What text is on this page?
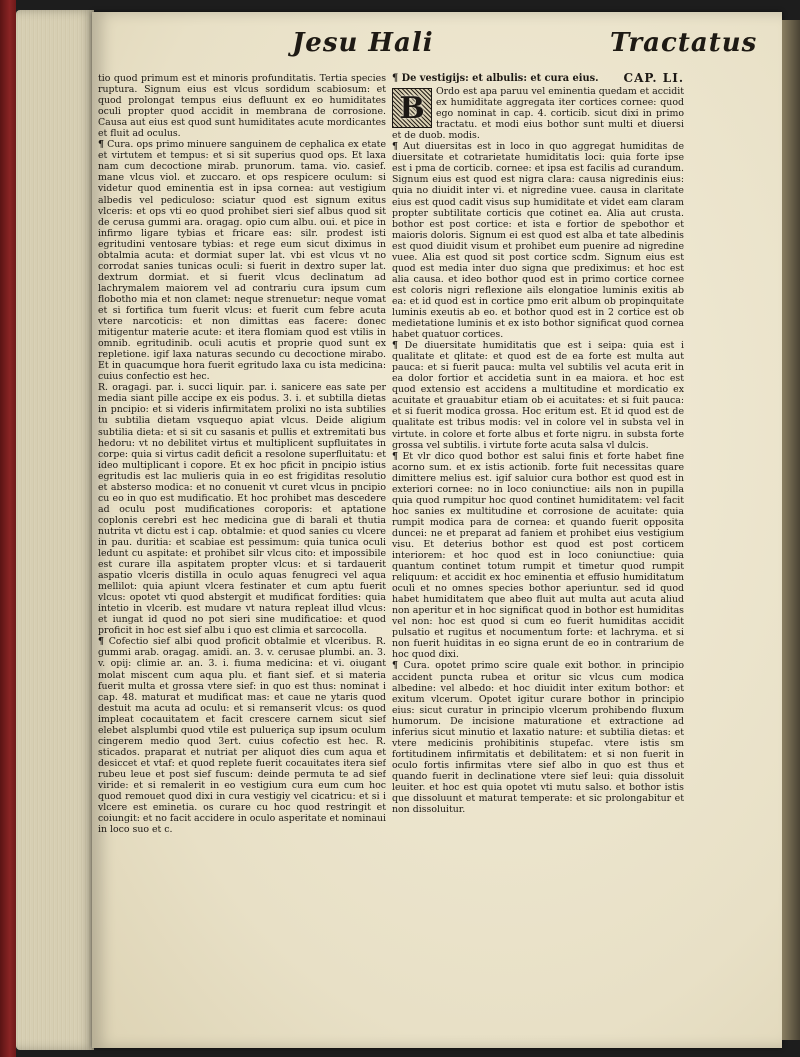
Jesu Hali	Tractatus

tio quod primum est et minoris profunditatis. Tertia species ruptura. Signum eius est vlcus sordidum scabiosum: et quod prolongat tempus eius defluunt ex eo humiditates oculi propter quod accidit in membrana de corrosione. Causa aut eius est quod sunt humiditates acute mordicantes et fluit ad oculus.

¶ Cura. ops primo minuere sanguinem de cephalica ex etate et virtutem et tempus: et si sit superius quod ops. Et laxa nam cum decoctione mirab. prunorum. tama. vio. casief. mane vlcus viol. et zuccaro. et ops respicere oculum: si videtur quod eminentia est in ipsa cornea: aut vestigium albedis vel pediculoso: sciatur quod est signum exitus vlceris: et ops vti eo quod prohibet sieri sief albus quod sit de cerusa gummi ara. oragag. opio cum albu. oui. et pice in infirmo ligare tybias et fricare eas: silr. prodest isti egritudini ventosare tybias: et rege eum sicut diximus in obtalmia acuta: et dormiat super lat. vbi est vlcus vt no corrodat sanies tunicas oculi: si fuerit in dextro super lat. dextrum dormiat. et si fuerit vlcus declinatum ad lachrymalem maiorem vel ad contrariu cura ipsum cum flobotho mia et non clamet: neque strenuetur: neque vomat et si fortifica tum fuerit vlcus: et fuerit cum febre acuta vtere narcoticis: et non dimittas eas facere: donec mitigentur materie acute: et itera flomiam quod est vtilis in omnib. egritudinib. oculi acutis et proprie quod sunt ex repletione. igif laxa naturas secundo cu decoctione mirabo. Et in quacumque hora fuerit egritudo laxa cu ista medicina: cuius confectio est hec.

R. oragagi. par. i. succi liquir. par. i. sanicere eas sate per media siant pille accipe ex eis podus. 3. i. et subtilla dietas in pncipio: et si videris infirmitatem prolixi no ista subtilies tu subtilia dietam vsquequo apiat vlcus. Deide aligium subtilia dieta: et si sit cu sasanis et pullis et extremitati bus hedoru: vt no debilitet virtus et multiplicent supfluitates in corpe: quia si virtus cadit deficit a resolone superfluitatu: et ideo multiplicant i copore. Et ex hoc pficit in pncipio istius egritudis est lac mulieris quia in eo est frigiditas resolutio et absterso modica: et no conuenit vt curet vlcus in pncipio cu eo in quo est mudificatio. Et hoc prohibet mas descedere ad oculu post mudificationes coroporis: et aptatione coplonis cerebri est hec medicina gue di barali et thutia nutrita vt dictu est i cap. obtalmie: et quod sanies cu vlcere in pau. duritia: et scabiae est pessimum: quia tunica oculi ledunt cu aspitate: et prohibet silr vlcus cito: et impossibile est curare illa aspitatem propter vlcus: et si tardauerit aspatio vlceris distilla in oculo aquas fenugreci vel aqua mellilot: quia apiunt vlcera festinater et cum aptu fuerit vlcus: opotet vti quod abstergit et mudificat fordities: quia intetio in vlcerib. est mudare vt natura repleat illud vlcus: et iungat id quod no pot sieri sine mudificatioe: et quod proficit in hoc est sief albu i quo est climia et sarcocolla.

¶ Cofectio sief albi quod proficit obtalmie et vlceribus. R. gummi arab. oragag. amidi. an. 3. v. cerusae plumbi. an. 3. v. opij: climie ar. an. 3. i. fiuma medicina: et vi. oiugant molat miscent cum aqua plu. et fiant sief. et si materia fuerit multa et grossa vtere sief: in quo est thus: nominat i cap. 48. maturat et mudificat mas: et caue ne ytaris quod destuit ma acuta ad oculu: et si remanserit vlcus: os quod impleat cocauitatem et facit crescere carnem sicut sief elebet alsplumbi quod vtile est pulueriça sup ipsum oculum cingerem medio quod 3ert. cuius cofectio est hec. R. sticados. praparat et nutriat per aliquot dies cum aqua et desiccet et vtaf: et quod replete fuerit cocauitates itera sief rubeu leue et post sief fuscum: deinde permuta te ad sief viride: et si remalerit in eo vestigium cura eum cum hoc quod remouet quod dixi in cura vestigiy vel cicatricu: et si i vlcere est eminetia. os curare cu hoc quod restringit et coiungit: et no facit accidere in oculo asperitate et nominaui in loco suo et c.

¶ De vestigijs: et albulis: et cura eius. CAP. LI.
B	Ordo est apa paruu vel eminentia quedam et accidit ex humiditate aggregata iter cortices cornee: quod ego nominat in cap. 4. corticib. sicut dixi in primo tractatu. et modi eius bothor sunt multi et diuersi et de duob. modis.

¶ Aut diuersitas est in loco in quo aggregat humiditas de diuersitate et cotrarietate humiditatis loci: quia forte ipse est i pma de corticib. cornee: et ipsa est facilis ad curandum. Signum eius est quod est nigra clara: causa nigredinis eius: quia no diuidit inter vi. et nigredine vuee. causa in claritate eius est quod cadit visus sup humiditate et videt eam claram propter subtilitate corticis que cotinet ea. Alia aut crusta. bothor est post cortice: et ista e fortior de spebothor et maioris doloris. Signum ei est quod est alba et tate albedinis est quod diuidit visum et prohibet eum puenire ad nigredine vuee. Alia est quod sit post cortice scdm. Signum eius est quod est media inter duo signa que prediximus: et hoc est alia causa. et ideo bothor quod est in primo cortice cornee est coloris nigri reflexione ails elongatioe luminis exitis ab ea: et id quod est in cortice pmo erit album ob propinquitate luminis exeutis ab eo. et bothor quod est in 2 cortice est ob medietatione luminis et ex isto bothor significat quod cornea habet quatuor cortices.

¶ De diuersitate humiditatis que est i seipa: quia est i qualitate et qlitate: et quod est de ea forte est multa aut pauca: et si fuerit pauca: multa vel subtilis vel acuta erit in ea dolor fortior et accidetia sunt in ea maiora. et hoc est quod extensio est accidens a multitudine et mordicatio ex acuitate et grauabitur etiam ob ei acuitates: et si fuit pauca: et si fuerit modica grossa. Hoc eritum est. Et id quod est de qualitate est tribus modis: vel in colore vel in substa vel in virtute. in colore et forte albus et forte nigru. in substa forte grossa vel subtilis. i virtute forte acuta salsa vl dulcis.

¶ Et vlr dico quod bothor est salui finis et forte habet fine acorno sum. et ex istis actionib. forte fuit necessitas quare dimittere melius est. igif saluior cura bothor est quod est in exteriori cornee: no in loco coniunctiue: ails non in pupilla quia quod rumpitur hoc quod continet humiditatem: vel facit hoc sanies ex multitudine et corrosione de acuitate: quia rumpit modica para de cornea: et quando fuerit opposita duncei: ne et preparat ad faniem et prohibet eius vestigium visu. Et deterius bothor est quod est post corticem interiorem: et hoc quod est in loco coniunctiue: quia quantum continet totum rumpit et timetur quod rumpit reliquum: et accidit ex hoc eminentia et effusio humiditatum oculi et no omnes species bothor aperiuntur. sed id quod habet humiditatem que abeo fluit aut multa aut acuta aliud non aperitur et in hoc significat quod in bothor est humiditas vel non: hoc est quod si cum eo fuerit humiditas accidit pulsatio et rugitus et nocumentum forte: et lachryma. et si non fuerit huiditas in eo signa erunt de eo in contrarium de hoc quod dixi.

¶ Cura. opotet primo scire quale exit bothor. in principio accident puncta rubea et oritur sic vlcus cum modica albedine: vel albedo: et hoc diuidit inter exitum bothor: et exitum vlcerum. Opotet igitur curare bothor in principio eius: sicut curatur in principio vlcerum prohibendo fluxum humorum. De incisione maturatione et extractione ad inferius sicut minutio et laxatio nature: et subtilia dietas: et vtere medicinis prohibitinis stupefac. vtere istis sm fortitudinem infirmitatis et debilitatem: et si non fuerit in oculo fortis infirmitas vtere sief albo in quo est thus et quando fuerit in declinatione vtere sief leui: quia dissoluit leuiter. et hoc est quia opotet vti mutu salso. et bothor istis que dissoluunt et maturat temperate: et sic prolongabitur et non dissoluitur.
